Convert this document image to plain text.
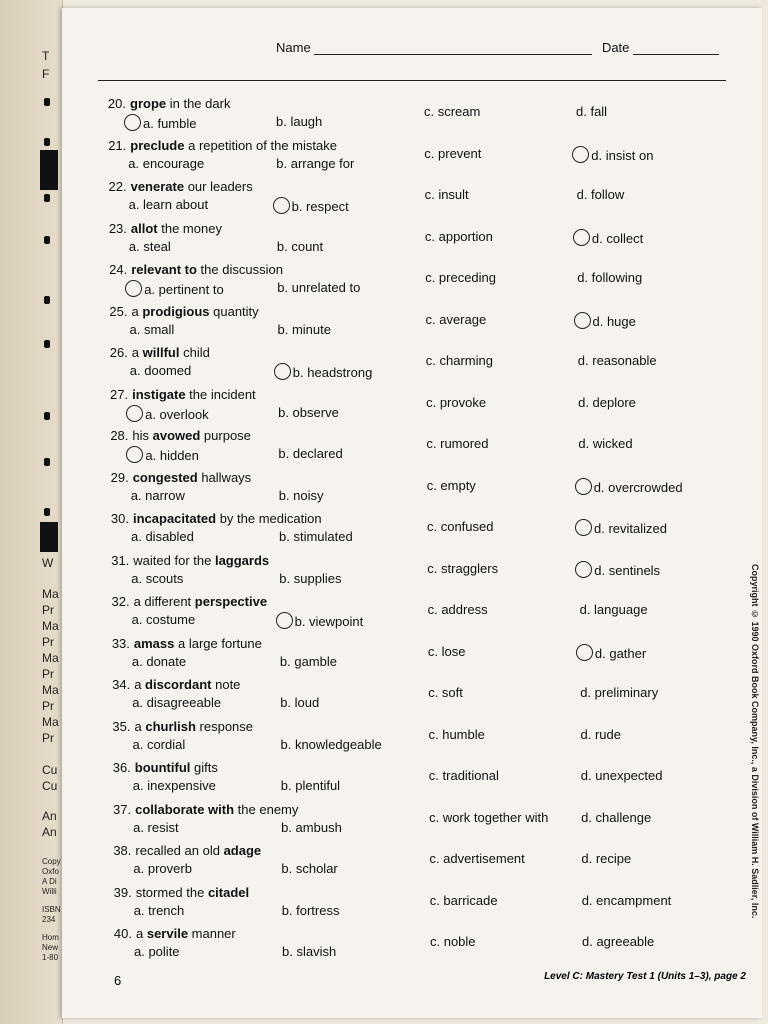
T
F
W
Ma
Pr
Ma
Pr
Ma
Pr
Ma
Pr
Ma
Pr
Cu
Cu
An
An
Copy
Oxfo
A Di
Willi
ISBN
234
Hom
New
1-80
Name	Date
20. grope in the dark
a. fumble	b. laugh
c. scream	d. fall
21. preclude a repetition of the mistake
a. encourage	b. arrange for
c. prevent	d. insist on
22. venerate our leaders
a. learn about	b. respect
c. insult	d. follow
23. allot the money
a. steal	b. count
c. apportion	d. collect
24. relevant to the discussion
a. pertinent to	b. unrelated to
c. preceding	d. following
25. a prodigious quantity
a. small	b. minute
c. average	d. huge
26. a willful child
a. doomed	b. headstrong
c. charming	d. reasonable
27. instigate the incident
a. overlook	b. observe
c. provoke	d. deplore
28. his avowed purpose
a. hidden	b. declared
c. rumored	d. wicked
29. congested hallways
a. narrow	b. noisy
c. empty	d. overcrowded
30. incapacitated by the medication
a. disabled	b. stimulated
c. confused	d. revitalized
31. waited for the laggards
a. scouts	b. supplies
c. stragglers	d. sentinels
32. a different perspective
a. costume	b. viewpoint
c. address	d. language
33. amass a large fortune
a. donate	b. gamble
c. lose	d. gather
34. a discordant note
a. disagreeable	b. loud
c. soft	d. preliminary
35. a churlish response
a. cordial	b. knowledgeable
c. humble	d. rude
36. bountiful gifts
a. inexpensive	b. plentiful
c. traditional	d. unexpected
37. collaborate with the enemy
a. resist	b. ambush
c. work together with	d. challenge
38. recalled an old adage
a. proverb	b. scholar
c. advertisement	d. recipe
39. stormed the citadel
a. trench	b. fortress
c. barricade	d. encampment
40. a servile manner
a. polite	b. slavish
c. noble	d. agreeable
Copyright © 1990 Oxford Book Company, Inc., a Division of William H. Sadlier, Inc.
6	Level C: Mastery Test 1 (Units 1–3), page 2
